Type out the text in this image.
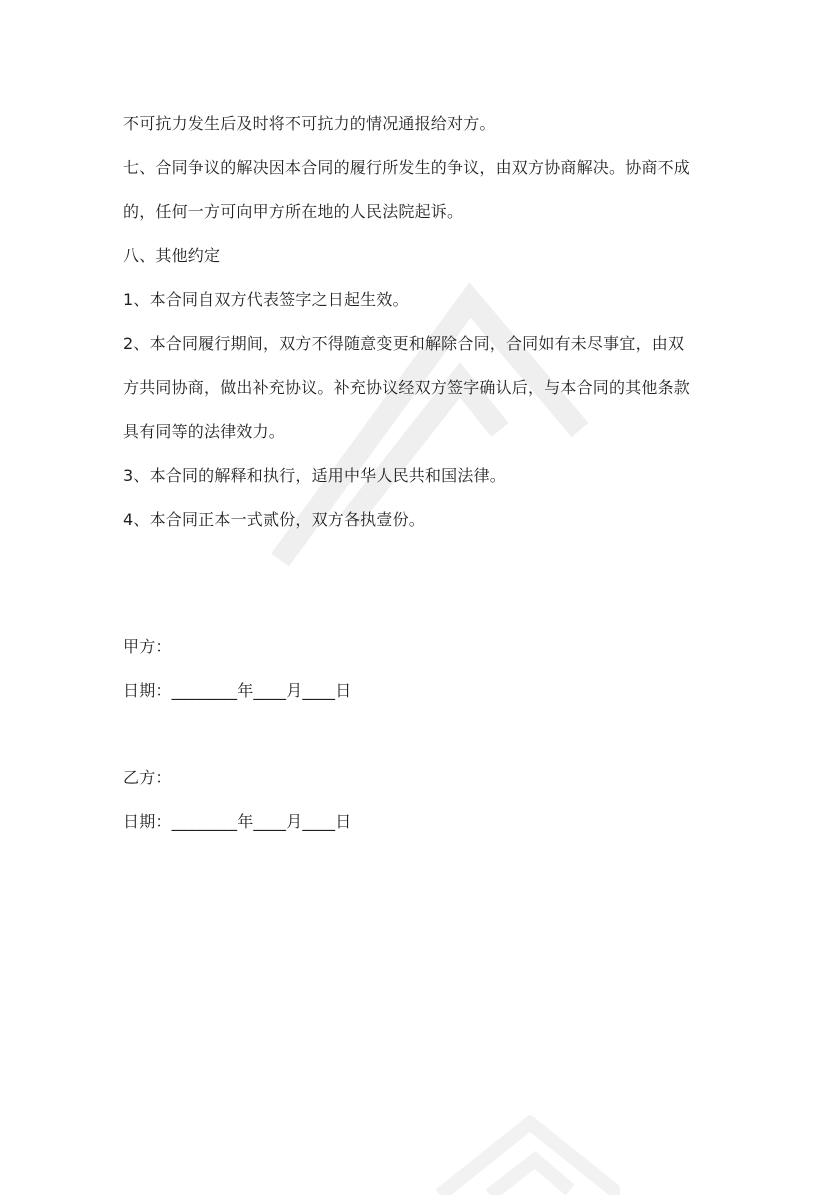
不可抗力发生后及时将不可抗力的情况通报给对方。
七、合同争议的解决因本合同的履行所发生的争议，由双方协商解决。协商不成
的，任何一方可向甲方所在地的人民法院起诉。
八、其他约定
1、本合同自双方代表签字之日起生效。
2、本合同履行期间，双方不得随意变更和解除合同，合同如有未尽事宜，由双
方共同协商，做出补充协议。补充协议经双方签字确认后，与本合同的其他条款
具有同等的法律效力。
3、本合同的解释和执行，适用中华人民共和国法律。
4、本合同正本一式贰份，双方各执壹份。
甲方：
日期：________年____月____日
乙方：
日期：________年____月____日
